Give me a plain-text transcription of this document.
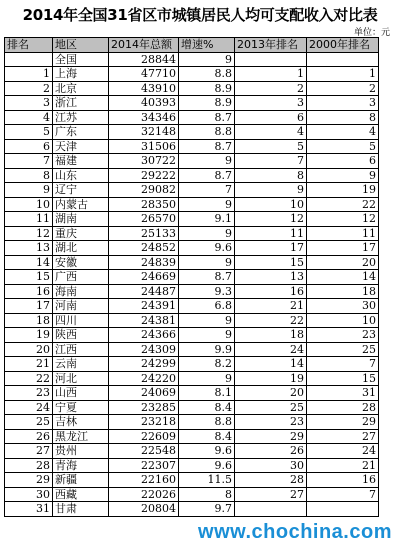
2014年全国31省区市城镇居民人均可支配收入对比表
单位：元
排名	地区	2014年总额	增速%	2013年排名	2000年排名
	全国	28844	9		
1	上海	47710	8.8	1	1
2	北京	43910	8.9	2	2
3	浙江	40393	8.9	3	3
4	江苏	34346	8.7	6	8
5	广东	32148	8.8	4	4
6	天津	31506	8.7	5	5
7	福建	30722	9	7	6
8	山东	29222	8.7	8	9
9	辽宁	29082	7	9	19
10	内蒙古	28350	9	10	22
11	湖南	26570	9.1	12	12
12	重庆	25133	9	11	11
13	湖北	24852	9.6	17	17
14	安徽	24839	9	15	20
15	广西	24669	8.7	13	14
16	海南	24487	9.3	16	18
17	河南	24391	6.8	21	30
18	四川	24381	9	22	10
19	陕西	24366	9	18	23
20	江西	24309	9.9	24	25
21	云南	24299	8.2	14	7
22	河北	24220	9	19	15
23	山西	24069	8.1	20	31
24	宁夏	23285	8.4	25	28
25	吉林	23218	8.8	23	29
26	黑龙江	22609	8.4	29	27
27	贵州	22548	9.6	26	24
28	青海	22307	9.6	30	21
29	新疆	22160	11.5	28	16
30	西藏	22026	8	27	7
31	甘肃	20804	9.7		
www.chochina.com
